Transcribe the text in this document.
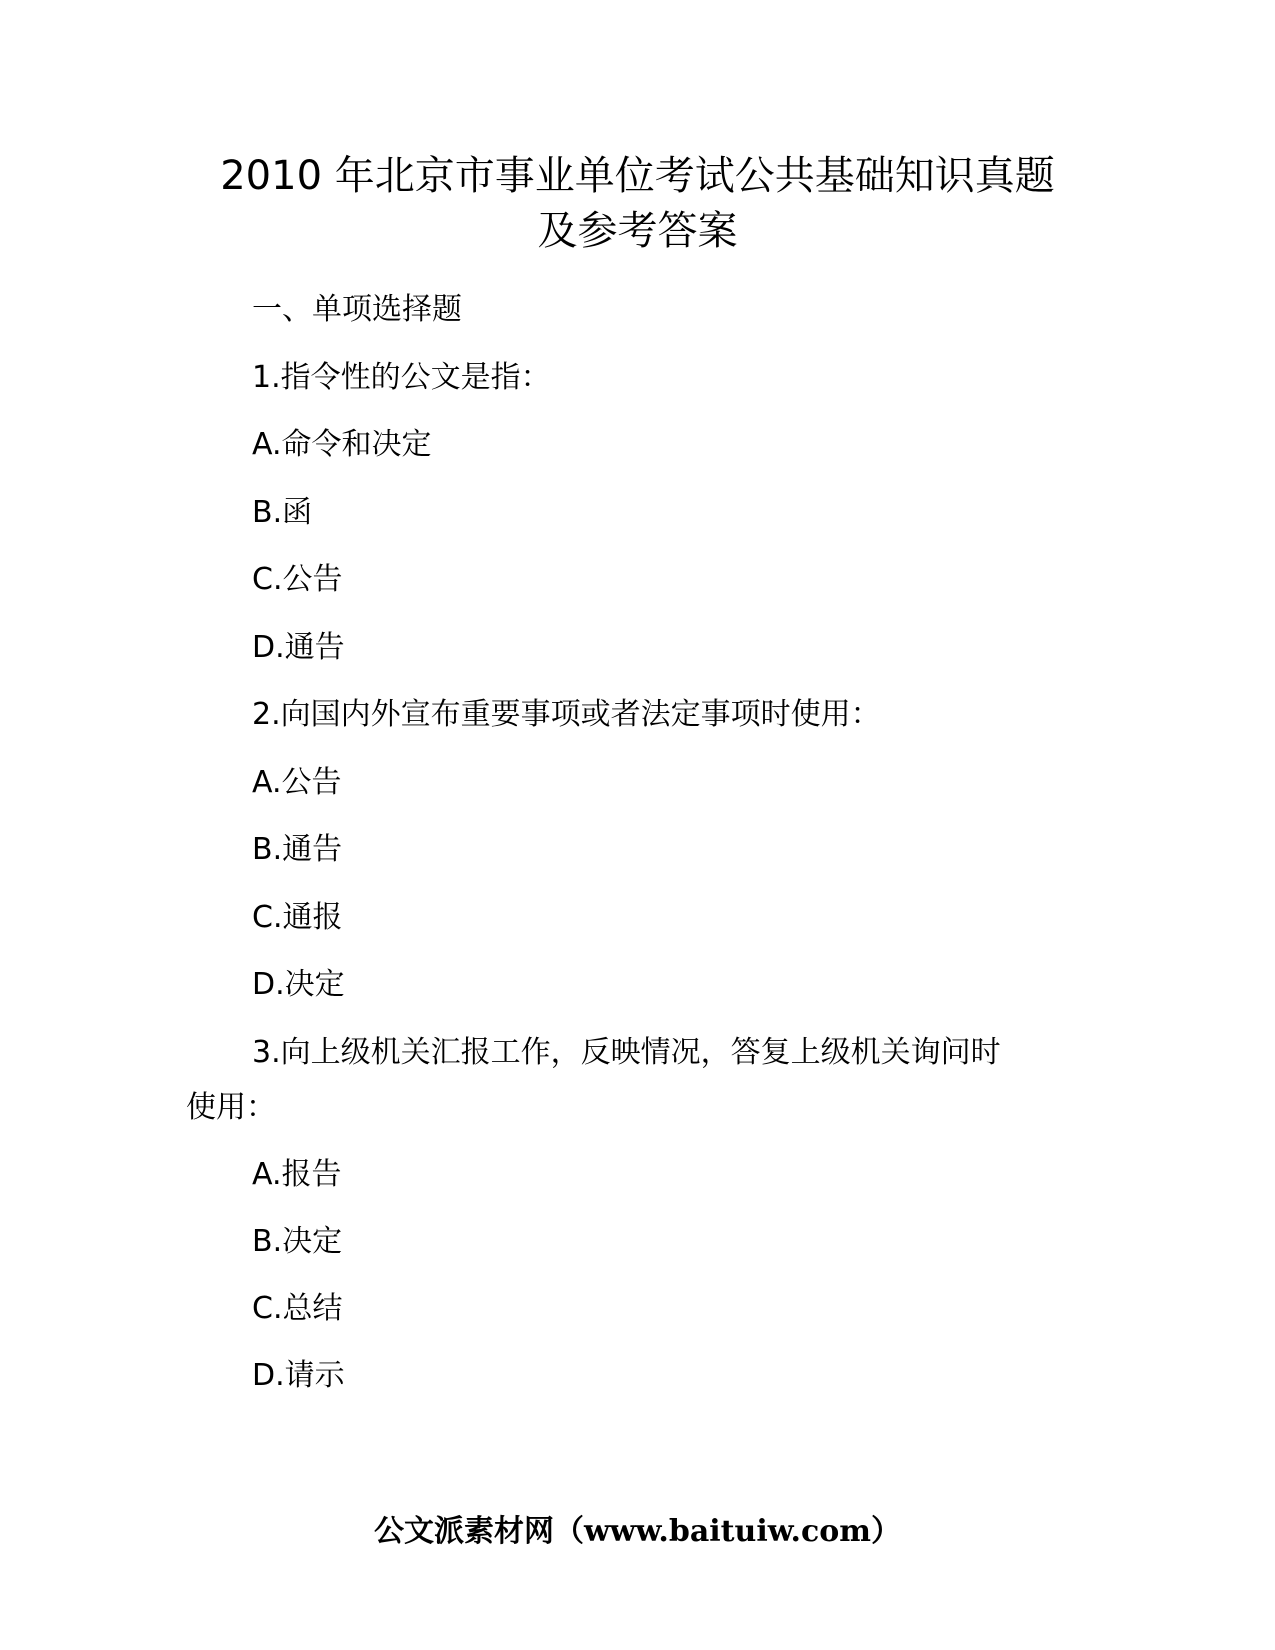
2010 年北京市事业单位考试公共基础知识真题
及参考答案
一、单项选择题
1.指令性的公文是指：
A.命令和决定
B.函
C.公告
D.通告
2.向国内外宣布重要事项或者法定事项时使用：
A.公告
B.通告
C.通报
D.决定
3.向上级机关汇报工作，反映情况，答复上级机关询问时
使用：
A.报告
B.决定
C.总结
D.请示
公文派素材网（www.baituiw.com）
